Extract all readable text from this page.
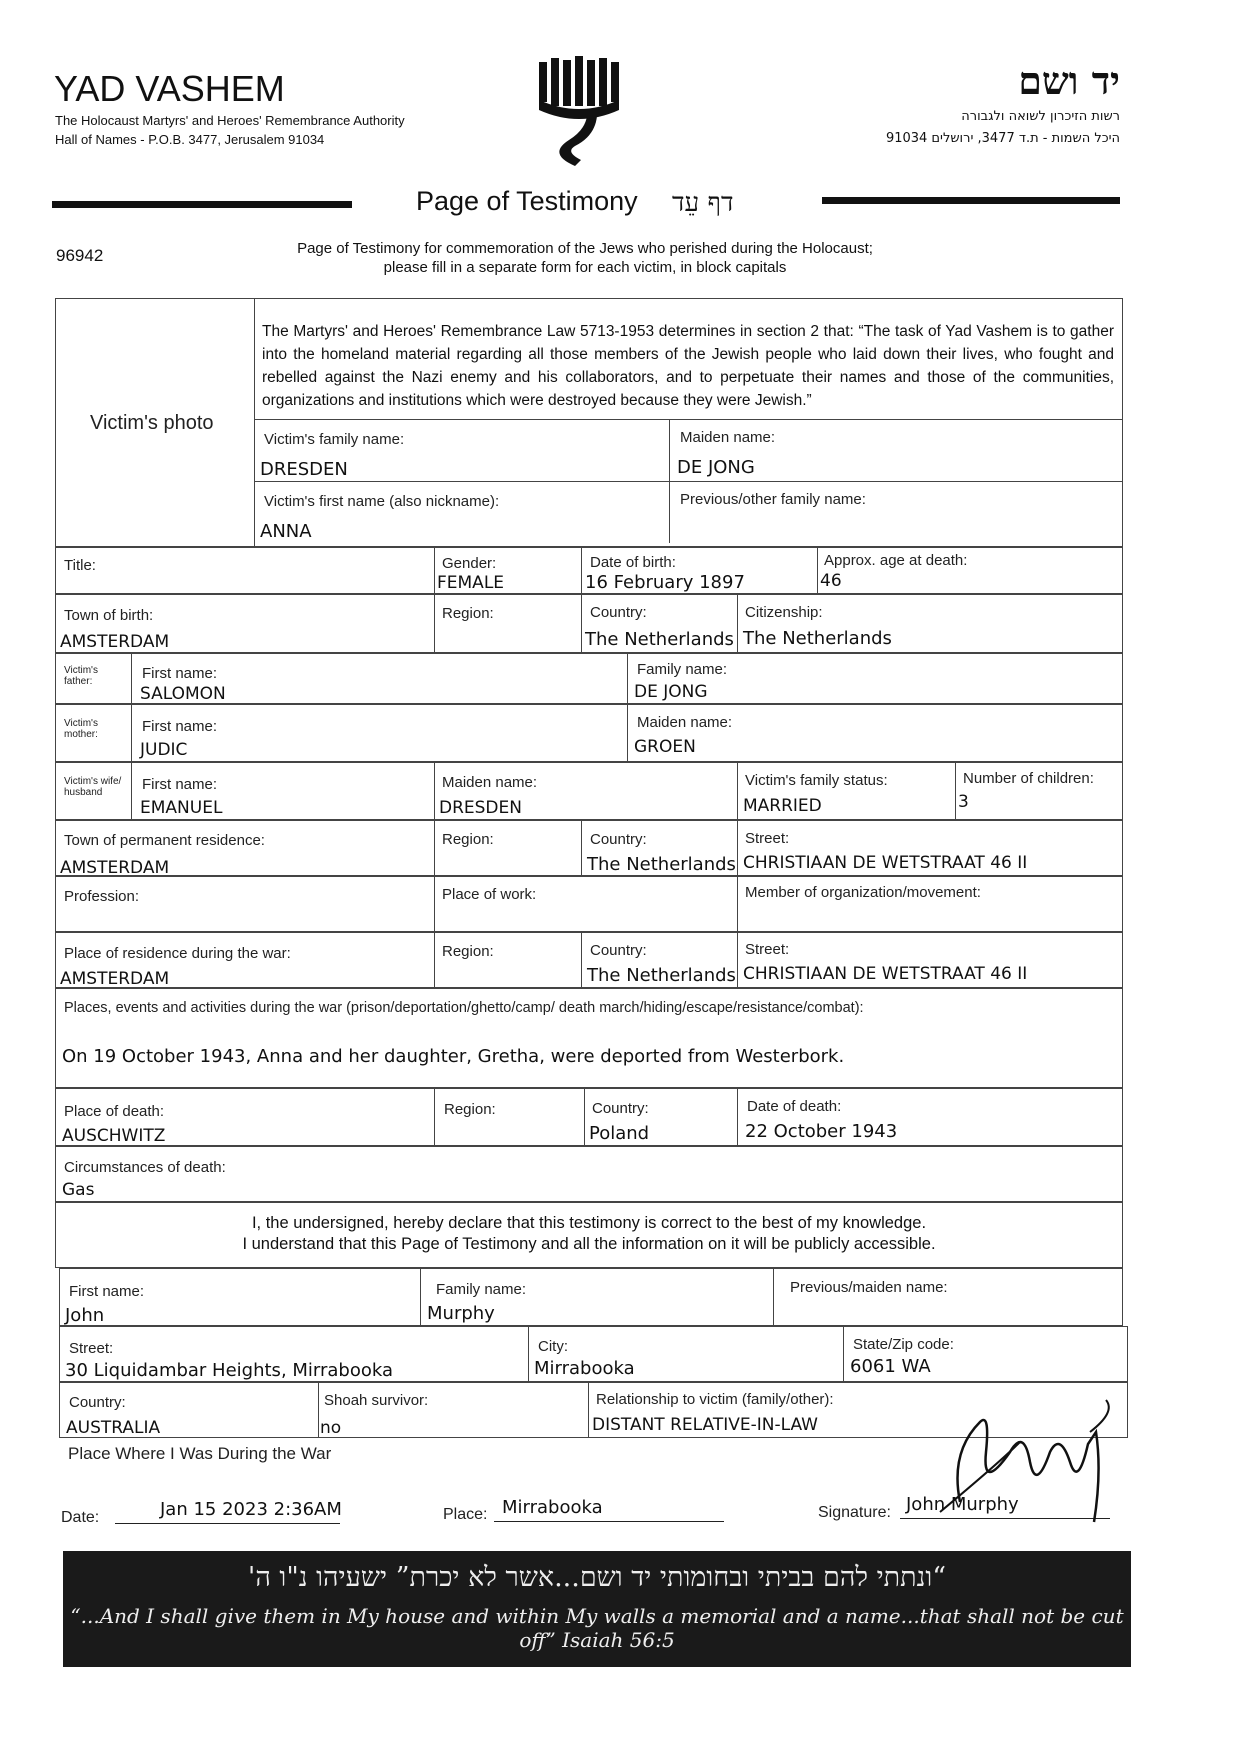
YAD VASHEM
The Holocaust Martyrs' and Heroes' Remembrance Authority
Hall of Names - P.O.B. 3477, Jerusalem 91034
יד ושם
רשות הזיכרון לשואה ולגבורה
היכל השמות - ת.ד 3477, ירושלים 91034
Page of Testimony דף עֵד
96942	Page of Testimony for commemoration of the Jews who perished during the Holocaust;
please fill in a separate form for each victim, in block capitals
Victim's photo
The Martyrs' and Heroes' Remembrance Law 5713-1953 determines in section 2 that: “The task of Yad Vashem is to gather into the homeland material regarding all those members of the Jewish people who laid down their lives, who fought and rebelled against the Nazi enemy and his collaborators, and to perpetuate their names and those of the communities, organizations and institutions which were destroyed because they were Jewish.”
Victim's family name:
DRESDEN
Maiden name:
DE JONG
Victim's first name (also nickname):
ANNA
Previous/other family name:
Title:	Gender:
FEMALE
Date of birth:
16 February 1897
Approx. age at death:
46
Town of birth:
AMSTERDAM
Region:	Country:
The Netherlands
Citizenship:
The Netherlands
Victim's father:	First name:
SALOMON
Family name:
DE JONG
Victim's mother:	First name:
JUDIC
Maiden name:
GROEN
Victim's wife/ husband	First name:
EMANUEL
Maiden name:
DRESDEN
Victim's family status:
MARRIED
Number of children:
3
Town of permanent residence:
AMSTERDAM
Region:	Country:
The Netherlands
Street:
CHRISTIAAN DE WETSTRAAT 46 II
Profession:	Place of work:	Member of organization/movement:
Place of residence during the war:
AMSTERDAM
Region:	Country:
The Netherlands
Street:
CHRISTIAAN DE WETSTRAAT 46 II
Places, events and activities during the war (prison/deportation/ghetto/camp/ death march/hiding/escape/resistance/combat):
On 19 October 1943, Anna and her daughter, Gretha, were deported from Westerbork.
Place of death:
AUSCHWITZ
Region:	Country:
Poland
Date of death:
22 October 1943
Circumstances of death:
Gas
I, the undersigned, hereby declare that this testimony is correct to the best of my knowledge.
I understand that this Page of Testimony and all the information on it will be publicly accessible.
First name:
John
Family name:
Murphy
Previous/maiden name:
Street:
30 Liquidambar Heights, Mirrabooka
City:
Mirrabooka
State/Zip code:
6061 WA
Country:
AUSTRALIA
Shoah survivor:
no
Relationship to victim (family/other):
DISTANT RELATIVE-IN-LAW
Place Where I Was During the War
Date:	Jan 15 2023 2:36AM	Place: Mirrabooka	Signature: John Murphy
“ונתתי להם בביתי ובחומותי יד ושם...אשר לא יכרת” ישעיהו נ"ו ה'
“...And I shall give them in My house and within My walls a memorial and a name...that shall not be cut off” Isaiah 56:5
